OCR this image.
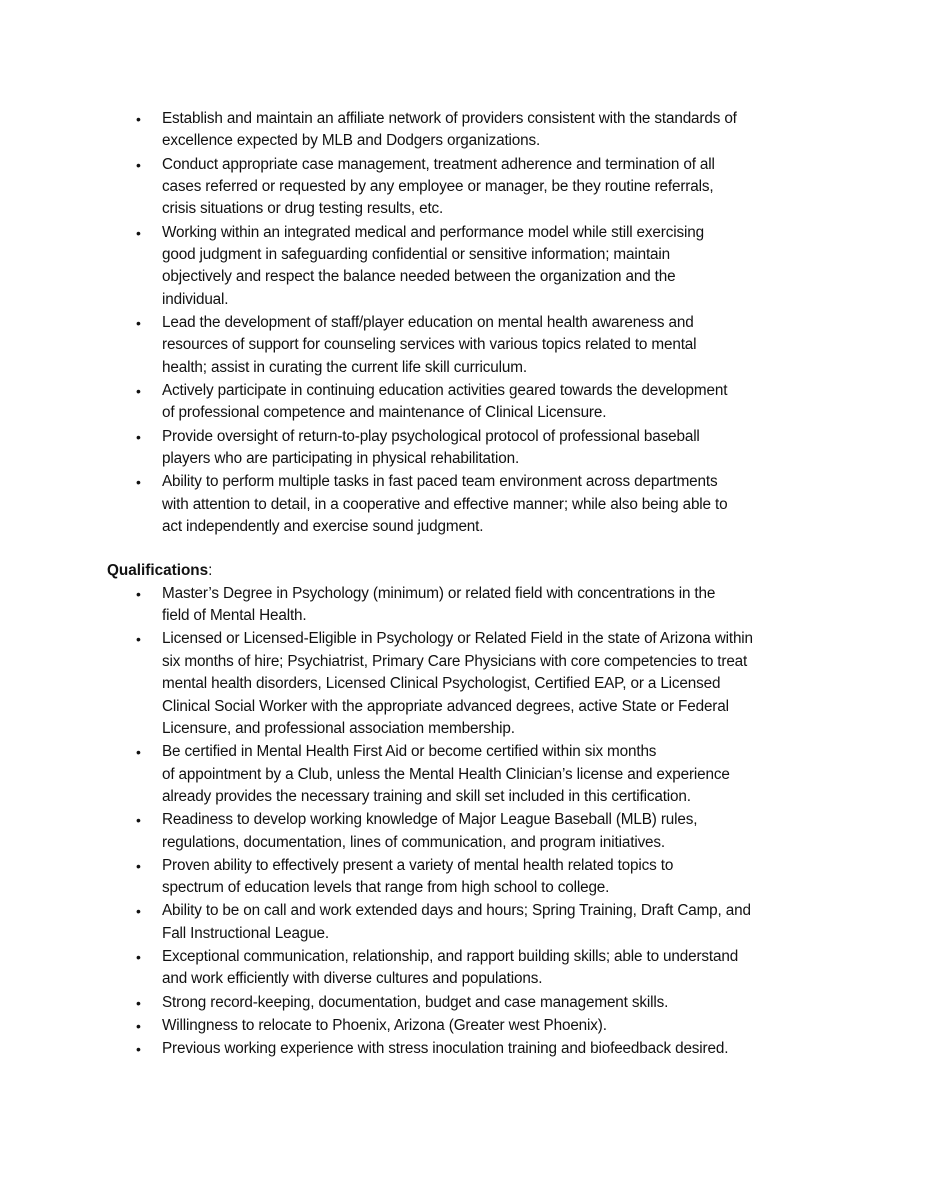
• Establish and maintain an affiliate network of providers consistent with the standards of
excellence expected by MLB and Dodgers organizations.
• Conduct appropriate case management, treatment adherence and termination of all
cases referred or requested by any employee or manager, be they routine referrals,
crisis situations or drug testing results, etc.
• Working within an integrated medical and performance model while still exercising
good judgment in safeguarding confidential or sensitive information; maintain
objectively and respect the balance needed between the organization and the
individual.
• Lead the development of staff/player education on mental health awareness and
resources of support for counseling services with various topics related to mental
health; assist in curating the current life skill curriculum.
• Actively participate in continuing education activities geared towards the development
of professional competence and maintenance of Clinical Licensure.
• Provide oversight of return-to-play psychological protocol of professional baseball
players who are participating in physical rehabilitation.
• Ability to perform multiple tasks in fast paced team environment across departments
with attention to detail, in a cooperative and effective manner; while also being able to
act independently and exercise sound judgment.
Qualifications:
• Master’s Degree in Psychology (minimum) or related field with concentrations in the
field of Mental Health.
• Licensed or Licensed-Eligible in Psychology or Related Field in the state of Arizona within
six months of hire; Psychiatrist, Primary Care Physicians with core competencies to treat
mental health disorders, Licensed Clinical Psychologist, Certified EAP, or a Licensed
Clinical Social Worker with the appropriate advanced degrees, active State or Federal
Licensure, and professional association membership.
• Be certified in Mental Health First Aid or become certified within six months
of appointment by a Club, unless the Mental Health Clinician’s license and experience
already provides the necessary training and skill set included in this certification.
• Readiness to develop working knowledge of Major League Baseball (MLB) rules,
regulations, documentation, lines of communication, and program initiatives.
• Proven ability to effectively present a variety of mental health related topics to
spectrum of education levels that range from high school to college.
• Ability to be on call and work extended days and hours; Spring Training, Draft Camp, and
Fall Instructional League.
• Exceptional communication, relationship, and rapport building skills; able to understand
and work efficiently with diverse cultures and populations.
• Strong record-keeping, documentation, budget and case management skills.
• Willingness to relocate to Phoenix, Arizona (Greater west Phoenix).
• Previous working experience with stress inoculation training and biofeedback desired.
